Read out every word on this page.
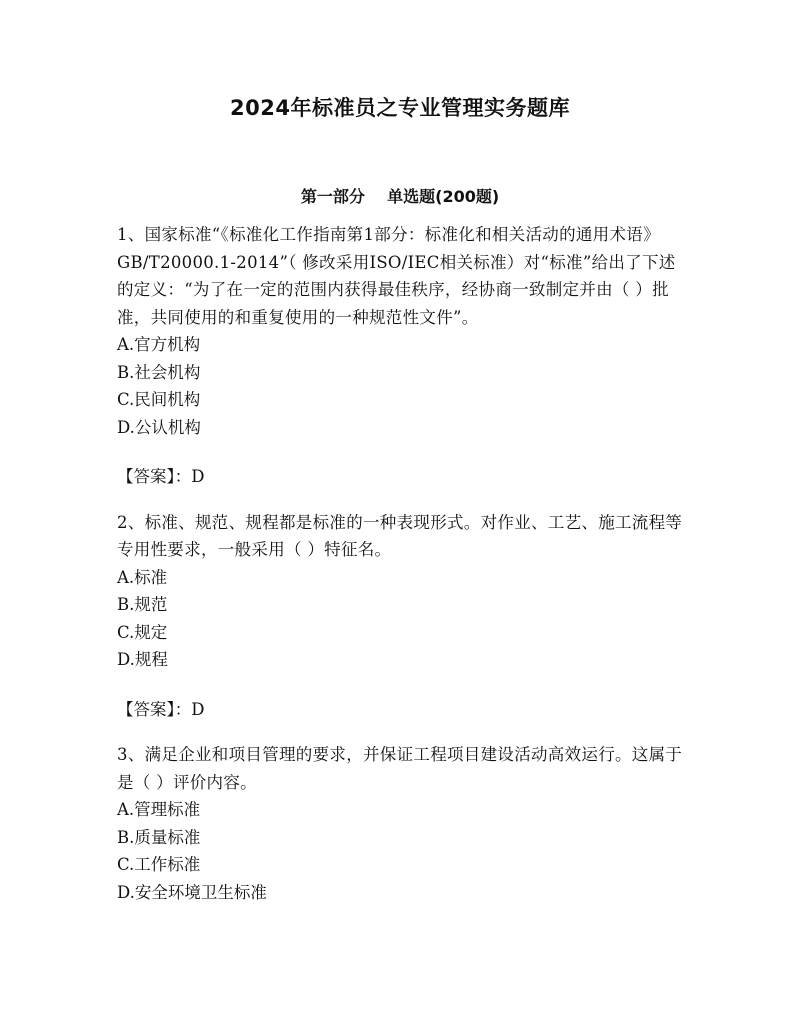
2024年标准员之专业管理实务题库
第一部分    单选题(200题)

1、国家标准“《标准化工作指南第1部分：标准化和相关活动的通用术语》GB/T20000.1-2014”（ 修改采用ISO/IEC相关标准）对“标准”给出了下述的定义：“为了在一定的范围内获得最佳秩序，经协商一致制定并由（ ）批准，共同使用的和重复使用的一种规范性文件”。

A.官方机构

B.社会机构

C.民间机构

D.公认机构

【答案】：D

2、标准、规范、规程都是标准的一种表现形式。对作业、工艺、施工流程等专用性要求，一般采用（ ）特征名。

A.标准

B.规范

C.规定

D.规程

【答案】：D

3、满足企业和项目管理的要求，并保证工程项目建设活动高效运行。这属于是（ ）评价内容。

A.管理标准

B.质量标准

C.工作标准

D.安全环境卫生标准
